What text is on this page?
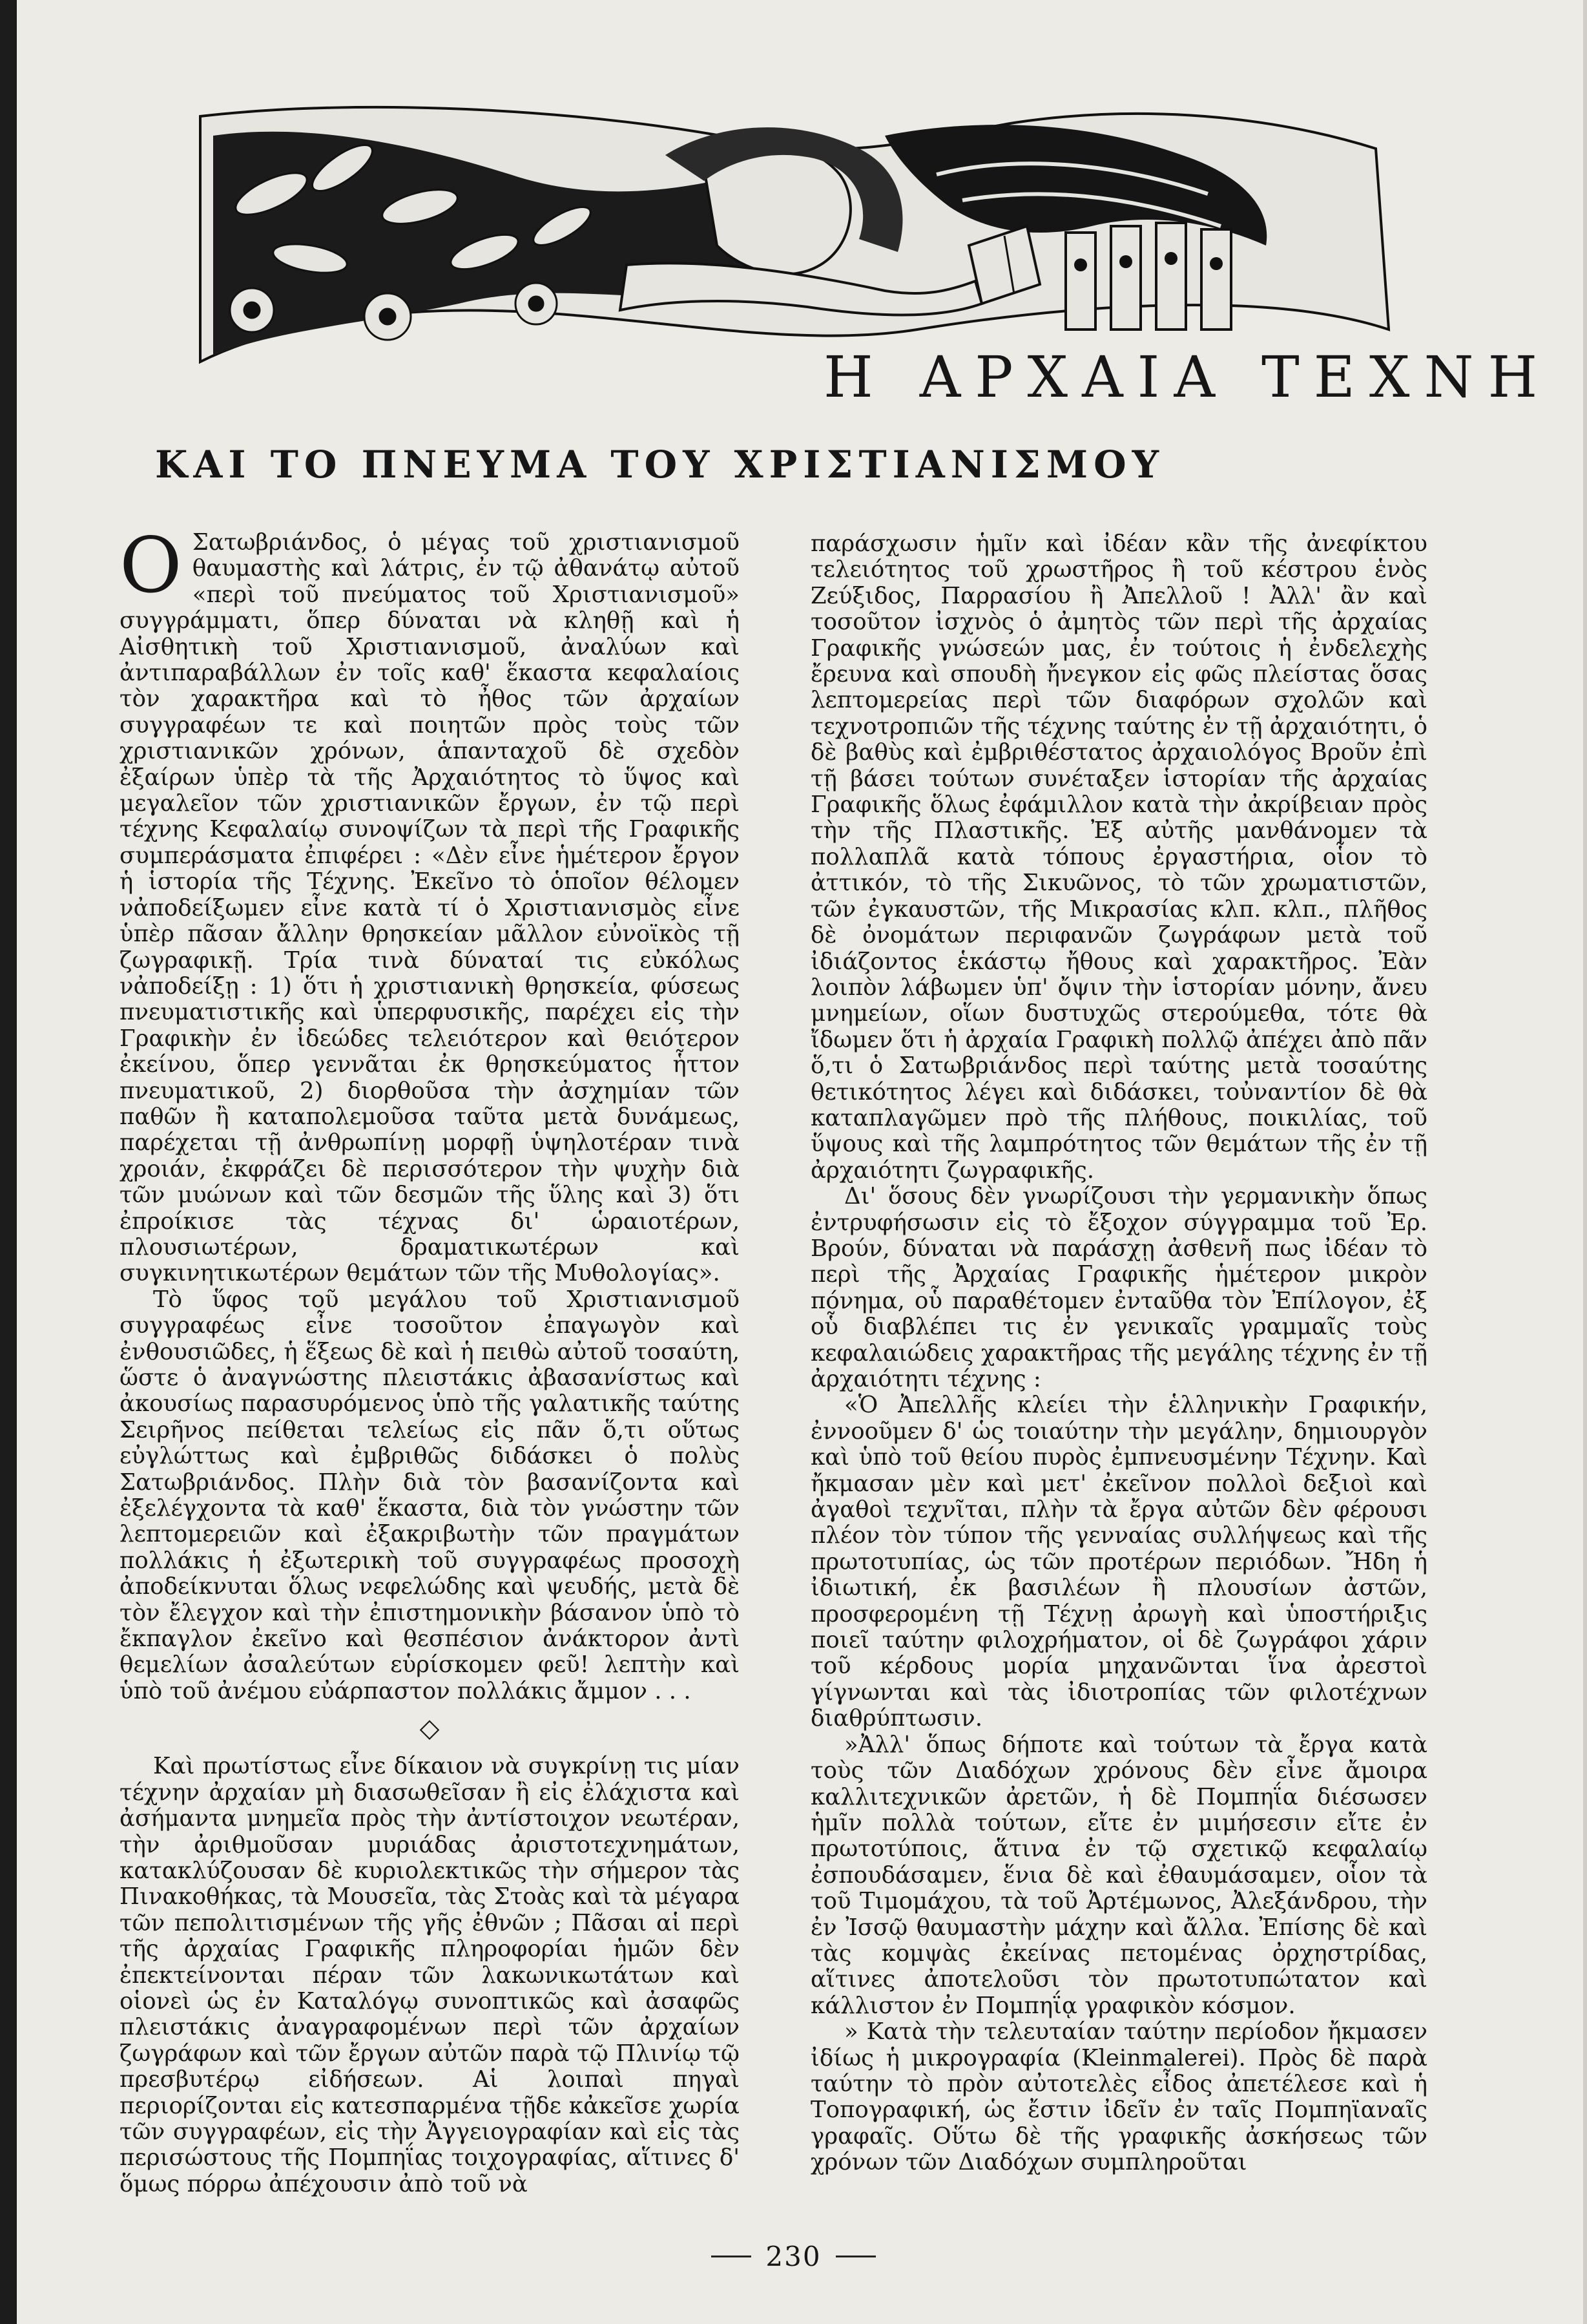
Η ΑΡΧΑΙΑ ΤΕΧΝΗ
ΚΑΙ ΤΟ ΠΝΕΥΜΑ ΤΟΥ ΧΡΙΣΤΙΑΝΙΣΜΟΥ

Ο Σατωβριάνδος, ὁ μέγας τοῦ χριστιανισμοῦ θαυμαστὴς καὶ λάτρις, ἐν τῷ ἀθανάτῳ αὐτοῦ «περὶ τοῦ πνεύματος τοῦ Χριστιανισμοῦ» συγγράμματι, ὅπερ δύναται νὰ κληθῇ καὶ ἡ Αἰσθητικὴ τοῦ Χριστιανισμοῦ, ἀναλύων καὶ ἀντιπαραβάλλων ἐν τοῖς καθ' ἕκαστα κεφαλαίοις τὸν χαρακτῆρα καὶ τὸ ἦθος τῶν ἀρχαίων συγγραφέων τε καὶ ποιητῶν πρὸς τοὺς τῶν χριστιανικῶν χρόνων, ἁπανταχοῦ δὲ σχεδὸν ἐξαίρων ὑπὲρ τὰ τῆς Ἀρχαιότητος τὸ ὕψος καὶ μεγαλεῖον τῶν χριστιανικῶν ἔργων, ἐν τῷ περὶ τέχνης Κεφαλαίῳ συνοψίζων τὰ περὶ τῆς Γραφικῆς συμπεράσματα ἐπιφέρει : «Δὲν εἶνε ἡμέτερον ἔργον ἡ ἱστορία τῆς Τέχνης. Ἐκεῖνο τὸ ὁποῖον θέλομεν νἀποδείξωμεν εἶνε κατὰ τί ὁ Χριστιανισμὸς εἶνε ὑπὲρ πᾶσαν ἄλλην θρησκείαν μᾶλλον εὐνοϊκὸς τῇ ζωγραφικῇ. Τρία τινὰ δύναταί τις εὐκόλως νἀποδείξῃ : 1) ὅτι ἡ χριστιανικὴ θρησκεία, φύσεως πνευματιστικῆς καὶ ὑπερφυσικῆς, παρέχει εἰς τὴν Γραφικὴν ἐν ἰδεώδες τελειότερον καὶ θειότερον ἐκείνου, ὅπερ γεννᾶται ἐκ θρησκεύματος ἧττον πνευματικοῦ, 2) διορθοῦσα τὴν ἀσχημίαν τῶν παθῶν ἢ καταπολεμοῦσα ταῦτα μετὰ δυνάμεως, παρέχεται τῇ ἀνθρωπίνῃ μορφῇ ὑψηλοτέραν τινὰ χροιάν, ἐκφράζει δὲ περισσότερον τὴν ψυχὴν διὰ τῶν μυώνων καὶ τῶν δεσμῶν τῆς ὕλης καὶ 3) ὅτι ἐπροίκισε τὰς τέχνας δι' ὡραιοτέρων, πλουσιωτέρων, δραματικωτέρων καὶ συγκινητικωτέρων θεμάτων τῶν τῆς Μυθολογίας».

Τὸ ὕφος τοῦ μεγάλου τοῦ Χριστιανισμοῦ συγγραφέως εἶνε τοσοῦτον ἐπαγωγὸν καὶ ἐνθουσιῶδες, ἡ ἕξεως δὲ καὶ ἡ πειθὼ αὐτοῦ τοσαύτη, ὥστε ὁ ἀναγνώστης πλειστάκις ἀβασανίστως καὶ ἀκουσίως παρασυρόμενος ὑπὸ τῆς γαλατικῆς ταύτης Σειρῆνος πείθεται τελείως εἰς πᾶν ὅ,τι οὕτως εὐγλώττως καὶ ἐμβριθῶς διδάσκει ὁ πολὺς Σατωβριάνδος. Πλὴν διὰ τὸν βασανίζοντα καὶ ἐξελέγχοντα τὰ καθ' ἕκαστα, διὰ τὸν γνώστην τῶν λεπτομερειῶν καὶ ἐξακριβωτὴν τῶν πραγμάτων πολλάκις ἡ ἐξωτερικὴ τοῦ συγγραφέως προσοχὴ ἀποδείκνυται ὅλως νεφελώδης καὶ ψευδής, μετὰ δὲ τὸν ἔλεγχον καὶ τὴν ἐπιστημονικὴν βάσανον ὑπὸ τὸ ἔκπαγλον ἐκεῖνο καὶ θεσπέσιον ἀνάκτορον ἀντὶ θεμελίων ἀσαλεύτων εὑρίσκομεν φεῦ! λεπτὴν καὶ ὑπὸ τοῦ ἀνέμου εὐάρπαστον πολλάκις ἄμμον . . .

◇

Καὶ πρωτίστως εἶνε δίκαιον νὰ συγκρίνῃ τις μίαν τέχνην ἀρχαίαν μὴ διασωθεῖσαν ἢ εἰς ἐλάχιστα καὶ ἀσήμαντα μνημεῖα πρὸς τὴν ἀντίστοιχον νεωτέραν, τὴν ἀριθμοῦσαν μυριάδας ἀριστοτεχνημάτων, κατακλύζουσαν δὲ κυριολεκτικῶς τὴν σήμερον τὰς Πινακοθήκας, τὰ Μουσεῖα, τὰς Στοὰς καὶ τὰ μέγαρα τῶν πεπολιτισμένων τῆς γῆς ἐθνῶν ; Πᾶσαι αἱ περὶ τῆς ἀρχαίας Γραφικῆς πληροφορίαι ἡμῶν δὲν ἐπεκτείνονται πέραν τῶν λακωνικωτάτων καὶ οἱονεὶ ὡς ἐν Καταλόγῳ συνοπτικῶς καὶ ἀσαφῶς πλειστάκις ἀναγραφομένων περὶ τῶν ἀρχαίων ζωγράφων καὶ τῶν ἔργων αὐτῶν παρὰ τῷ Πλινίῳ τῷ πρεσβυτέρῳ εἰδήσεων. Αἱ λοιπαὶ πηγαὶ περιορίζονται εἰς κατεσπαρμένα τῇδε κἀκεῖσε χωρία τῶν συγγραφέων, εἰς τὴν Ἀγγειογραφίαν καὶ εἰς τὰς περισώστους τῆς Πομπηΐας τοιχογραφίας, αἵτινες δ' ὅμως πόρρω ἀπέχουσιν ἀπὸ τοῦ νὰ

παράσχωσιν ἡμῖν καὶ ἰδέαν κἂν τῆς ἀνεφίκτου τελειότητος τοῦ χρωστῆρος ἢ τοῦ κέστρου ἑνὸς Ζεύξιδος, Παρρασίου ἢ Ἀπελλοῦ ! Ἀλλ' ἂν καὶ τοσοῦτον ἰσχνὸς ὁ ἀμητὸς τῶν περὶ τῆς ἀρχαίας Γραφικῆς γνώσεών μας, ἐν τούτοις ἡ ἐνδελεχὴς ἔρευνα καὶ σπουδὴ ἤνεγκον εἰς φῶς πλείστας ὅσας λεπτομερείας περὶ τῶν διαφόρων σχολῶν καὶ τεχνοτροπιῶν τῆς τέχνης ταύτης ἐν τῇ ἀρχαιότητι, ὁ δὲ βαθὺς καὶ ἐμβριθέστατος ἀρχαιολόγος Βροῦν ἐπὶ τῇ βάσει τούτων συνέταξεν ἱστορίαν τῆς ἀρχαίας Γραφικῆς ὅλως ἐφάμιλλον κατὰ τὴν ἀκρίβειαν πρὸς τὴν τῆς Πλαστικῆς. Ἐξ αὐτῆς μανθάνομεν τὰ πολλαπλᾶ κατὰ τόπους ἐργαστήρια, οἷον τὸ ἀττικόν, τὸ τῆς Σικυῶνος, τὸ τῶν χρωματιστῶν, τῶν ἐγκαυστῶν, τῆς Μικρασίας κλπ. κλπ., πλῆθος δὲ ὀνομάτων περιφανῶν ζωγράφων μετὰ τοῦ ἰδιάζοντος ἑκάστῳ ἤθους καὶ χαρακτῆρος. Ἐὰν λοιπὸν λάβωμεν ὑπ' ὄψιν τὴν ἱστορίαν μόνην, ἄνευ μνημείων, οἵων δυστυχῶς στερούμεθα, τότε θὰ ἴδωμεν ὅτι ἡ ἀρχαία Γραφικὴ πολλῷ ἀπέχει ἀπὸ πᾶν ὅ,τι ὁ Σατωβριάνδος περὶ ταύτης μετὰ τοσαύτης θετικότητος λέγει καὶ διδάσκει, τοὐναντίον δὲ θὰ καταπλαγῶμεν πρὸ τῆς πλήθους, ποικιλίας, τοῦ ὕψους καὶ τῆς λαμπρότητος τῶν θεμάτων τῆς ἐν τῇ ἀρχαιότητι ζωγραφικῆς.

Δι' ὅσους δὲν γνωρίζουσι τὴν γερμανικὴν ὅπως ἐντρυφήσωσιν εἰς τὸ ἔξοχον σύγγραμμα τοῦ Ἐρ. Βρούν, δύναται νὰ παράσχῃ ἀσθενῆ πως ἰδέαν τὸ περὶ τῆς Ἀρχαίας Γραφικῆς ἡμέτερον μικρὸν πόνημα, οὗ παραθέτομεν ἐνταῦθα τὸν Ἐπίλογον, ἐξ οὗ διαβλέπει τις ἐν γενικαῖς γραμμαῖς τοὺς κεφαλαιώδεις χαρακτῆρας τῆς μεγάλης τέχνης ἐν τῇ ἀρχαιότητι τέχνης :

«Ὁ Ἀπελλῆς κλείει τὴν ἑλληνικὴν Γραφικήν, ἐννοοῦμεν δ' ὡς τοιαύτην τὴν μεγάλην, δημιουργὸν καὶ ὑπὸ τοῦ θείου πυρὸς ἐμπνευσμένην Τέχνην. Καὶ ἤκμασαν μὲν καὶ μετ' ἐκεῖνον πολλοὶ δεξιοὶ καὶ ἀγαθοὶ τεχνῖται, πλὴν τὰ ἔργα αὐτῶν δὲν φέρουσι πλέον τὸν τύπον τῆς γενναίας συλλήψεως καὶ τῆς πρωτοτυπίας, ὡς τῶν προτέρων περιόδων. Ἤδη ἡ ἰδιωτική, ἐκ βασιλέων ἢ πλουσίων ἀστῶν, προσφερομένη τῇ Τέχνῃ ἀρωγὴ καὶ ὑποστήριξις ποιεῖ ταύτην φιλοχρήματον, οἱ δὲ ζωγράφοι χάριν τοῦ κέρδους μορία μηχανῶνται ἵνα ἀρεστοὶ γίγνωνται καὶ τὰς ἰδιοτροπίας τῶν φιλοτέχνων διαθρύπτωσιν.

»Ἀλλ' ὅπως δήποτε καὶ τούτων τὰ ἔργα κατὰ τοὺς τῶν Διαδόχων χρόνους δὲν εἶνε ἄμοιρα καλλιτεχνικῶν ἀρετῶν, ἡ δὲ Πομπηΐα διέσωσεν ἡμῖν πολλὰ τούτων, εἴτε ἐν μιμήσεσιν εἴτε ἐν πρωτοτύποις, ἅτινα ἐν τῷ σχετικῷ κεφαλαίῳ ἐσπουδάσαμεν, ἕνια δὲ καὶ ἐθαυμάσαμεν, οἷον τὰ τοῦ Τιμομάχου, τὰ τοῦ Ἀρτέμωνος, Ἀλεξάνδρου, τὴν ἐν Ἰσσῷ θαυμαστὴν μάχην καὶ ἄλλα. Ἐπίσης δὲ καὶ τὰς κομψὰς ἐκείνας πετομένας ὀρχηστρίδας, αἵτινες ἀποτελοῦσι τὸν πρωτοτυπώτατον καὶ κάλλιστον ἐν Πομπηΐᾳ γραφικὸν κόσμον.

» Κατὰ τὴν τελευταίαν ταύτην περίοδον ἤκμασεν ἰδίως ἡ μικρογραφία (Kleinmalerei). Πρὸς δὲ παρὰ ταύτην τὸ πρὸν αὐτοτελὲς εἶδος ἀπετέλεσε καὶ ἡ Τοπογραφική, ὡς ἔστιν ἰδεῖν ἐν ταῖς Πομπηϊαναῖς γραφαῖς. Οὕτω δὲ τῆς γραφικῆς ἀσκήσεως τῶν χρόνων τῶν Διαδόχων συμπληροῦται

230
